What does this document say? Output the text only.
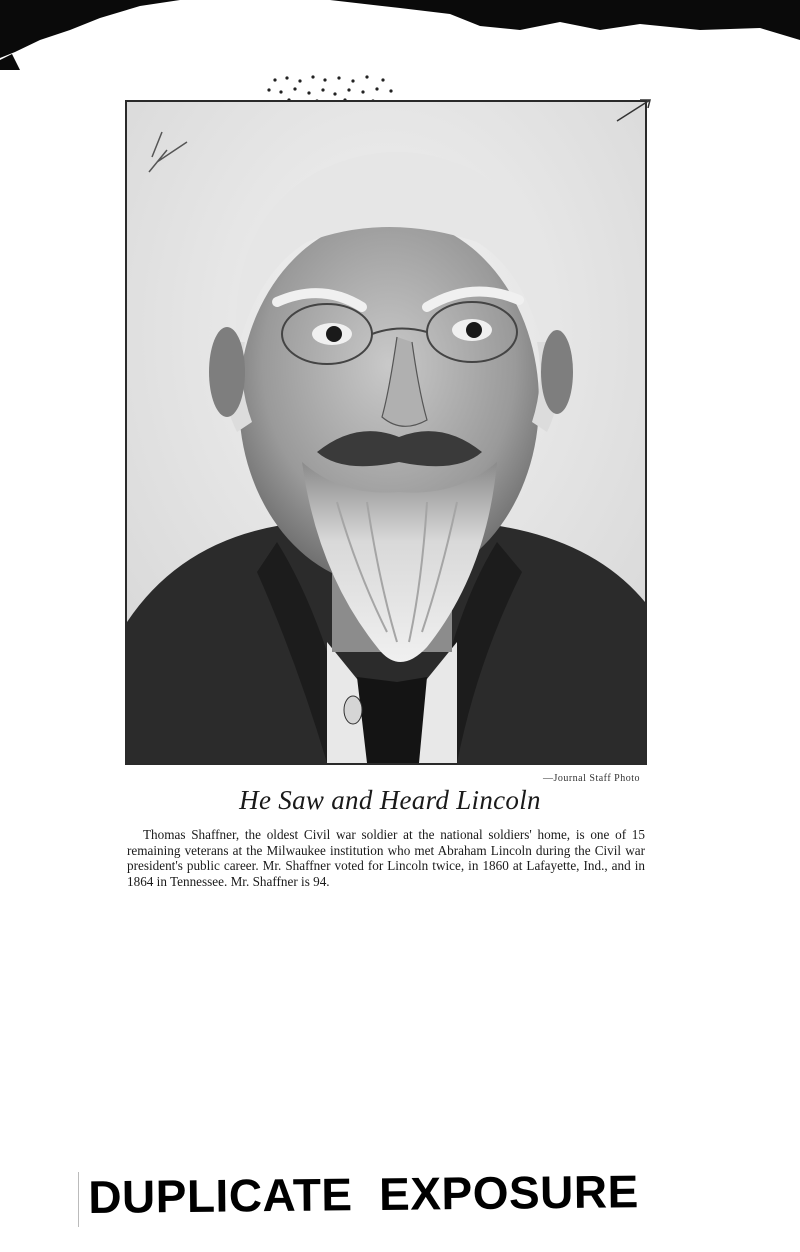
—Journal Staff Photo
He Saw and Heard Lincoln

Thomas Shaffner, the oldest Civil war soldier at the national soldiers' home, is one of 15 remaining veterans at the Milwaukee institution who met Abraham Lincoln during the Civil war president's public career. Mr. Shaffner voted for Lincoln twice, in 1860 at Lafayette, Ind., and in 1864 in Tennessee. Mr. Shaffner is 94.

DUPLICATE  EXPOSURE
